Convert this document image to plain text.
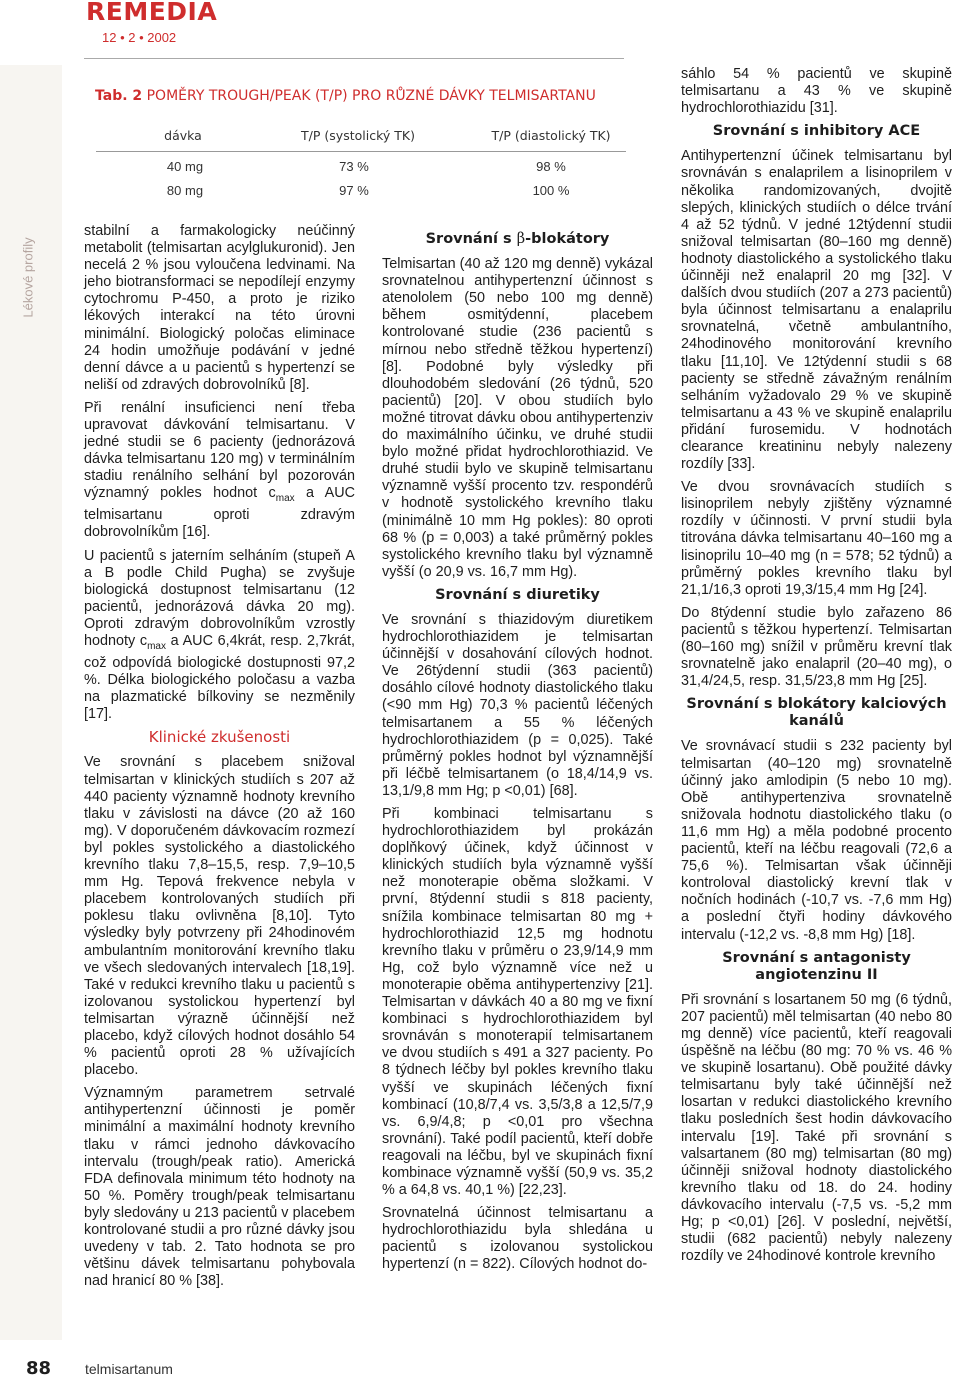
REMEDIA
12 • 2 • 2002
Lékové profily
Tab. 2 POMĚRY TROUGH/PEAK (T/P) PRO RŮZNÉ DÁVKY TELMISARTANU
dávka	T/P (systolický TK)	T/P (diastolický TK)
40 mg	73 %	98 %
80 mg	97 %	100 %

stabilní a farmakologicky neúčinný metabolit (telmisartan acylglukuronid). Jen necelá 2 % jsou vyloučena ledvinami. Na jeho biotransformaci se nepodílejí enzymy cytochromu P-450, a proto je riziko lékových interakcí na této úrovni minimální. Biologický poločas eliminace 24 hodin umožňuje podávání v jedné denní dávce a u pacientů s hypertenzí se neliší od zdravých dobrovolníků [8].

Při renální insuficienci není třeba upravovat dávkování telmisartanu. V jedné studii se 6 pacienty (jednorázová dávka telmisartanu 120 mg) v terminálním stadiu renálního selhání byl pozorován významný pokles hodnot $c_{max}$ a AUC telmisartanu oproti zdravým dobrovolníkům [16].

U pacientů s jaterním selháním (stupeň A a B podle Child Pugha) se zvyšuje biologická dostupnost telmisartanu (12 pacientů, jednorázová dávka 20 mg). Oproti zdravým dobrovolníkům vzrostly hodnoty $c_{max}$ a AUC 6,4krát, resp. 2,7krát, což odpovídá biologické dostupnosti 97,2 %. Délka biologického poločasu a vazba na plazmatické bílkoviny se nezměnily [17].

Klinické zkušenosti

Ve srovnání s placebem snižoval telmisartan v klinických studiích s 207 až 440 pacienty významně hodnoty krevního tlaku v závislosti na dávce (20 až 160 mg). V doporučeném dávkovacím rozmezí byl pokles systolického a diastolického krevního tlaku 7,8–15,5, resp. 7,9–10,5 mm Hg. Tepová frekvence nebyla v placebem kontrolovaných studiích při poklesu tlaku ovlivněna [8,10]. Tyto výsledky byly potvrzeny při 24hodinovém ambulantním monitorování krevního tlaku ve všech sledovaných intervalech [18,19]. Také v redukci krevního tlaku u pacientů s izolovanou systolickou hypertenzí byl telmisartan výrazně účinnější než placebo, když cílových hodnot dosáhlo 54 % pacientů oproti 28 % užívajících placebo.

Významným parametrem setrvalé antihypertenzní účinnosti je poměr minimální a maximální hodnoty krevního tlaku v rámci jednoho dávkovacího intervalu (trough/peak ratio). Americká FDA definovala minimum této hodnoty na 50 %. Poměry trough/peak telmisartanu byly sledovány u 213 pacientů v placebem kontrolované studii a pro různé dávky jsou uvedeny v tab. 2. Tato hodnota se pro většinu dávek telmisartanu pohybovala nad hranicí 80 % [38].

Srovnání s β-blokátory

Telmisartan (40 až 120 mg denně) vykázal srovnatelnou antihypertenzní účinnost s atenololem (50 nebo 100 mg denně) během osmitýdenní, placebem kontrolované studie (236 pacientů s mírnou nebo středně těžkou hypertenzí) [8]. Podobné byly výsledky při dlouhodobém sledování (26 týdnů, 520 pacientů) [20]. V obou studiích bylo možné titrovat dávku obou antihypertenziv do maximálního účinku, ve druhé studii bylo možné přidat hydrochlorothiazid. Ve druhé studii bylo ve skupině telmisartanu významně vyšší procento tzv. respondérů v hodnotě systolického krevního tlaku (minimálně 10 mm Hg pokles): 80 oproti 68 % (p = 0,003) a také průměrný pokles systolického krevního tlaku byl významně vyšší (o 20,9 vs. 16,7 mm Hg).

Srovnání s diuretiky

Ve srovnání s thiazidovým diuretikem hydrochlorothiazidem je telmisartan účinnější v dosahování cílových hodnot. Ve 26týdenní studii (363 pacientů) dosáhlo cílové hodnoty diastolického tlaku (<90 mm Hg) 70,3 % pacientů léčených telmisartanem a 55 % léčených hydrochlorothiazidem (p = 0,025). Také průměrný pokles hodnot byl významnější při léčbě telmisartanem (o 18,4/14,9 vs. 13,1/9,8 mm Hg; p <0,01) [68].

Při kombinaci telmisartanu s hydrochlorothiazidem byl prokázán doplňkový účinek, když účinnost v klinických studiích byla významně vyšší než monoterapie oběma složkami. V první, 8týdenní studii s 818 pacienty, snížila kombinace telmisartan 80 mg + hydrochlorothiazid 12,5 mg hodnotu krevního tlaku v průměru o 23,9/14,9 mm Hg, což bylo významně více než u monoterapie oběma antihypertenzivy [21]. Telmisartan v dávkách 40 a 80 mg ve fixní kombinaci s hydrochlorothiazidem byl srovnáván s monoterapií telmisartanem ve dvou studiích s 491 a 327 pacienty. Po 8 týdnech léčby byl pokles krevního tlaku vyšší ve skupinách léčených fixní kombinací (10,8/7,4 vs. 3,5/3,8 a 12,5/7,9 vs. 6,9/4,8; p <0,01 pro všechna srovnání). Také podíl pacientů, kteří dobře reagovali na léčbu, byl ve skupinách fixní kombinace významně vyšší (50,9 vs. 35,2 % a 64,8 vs. 40,1 %) [22,23].

Srovnatelná účinnost telmisartanu a hydrochlorothiazidu byla shledána u pacientů s izolovanou systolickou hypertenzí (n = 822). Cílových hodnot do-

sáhlo 54 % pacientů ve skupině telmisartanu a 43 % ve skupině hydrochlorothiazidu [31].

Srovnání s inhibitory ACE

Antihypertenzní účinek telmisartanu byl srovnáván s enalaprilem a lisinoprilem v několika randomizovaných, dvojitě slepých, klinických studiích o délce trvání 4 až 52 týdnů. V jedné 12týdenní studii snižoval telmisartan (80–160 mg denně) hodnoty diastolického a systolického tlaku účinněji než enalapril 20 mg [32]. V dalších dvou studiích (207 a 273 pacientů) byla účinnost telmisartanu a enalaprilu srovnatelná, včetně ambulantního, 24hodinového monitorování krevního tlaku [11,10]. Ve 12týdenní studii s 68 pacienty se středně závažným renálním selháním vyžadovalo 29 % ve skupině telmisartanu a 43 % ve skupině enalaprilu přidání furosemidu. V hodnotách clearance kreatininu nebyly nalezeny rozdíly [33].

Ve dvou srovnávacích studiích s lisinoprilem nebyly zjištěny významné rozdíly v účinnosti. V první studii byla titrována dávka telmisartanu 40–160 mg a lisinoprilu 10–40 mg (n = 578; 52 týdnů) a průměrný pokles krevního tlaku byl 21,1/16,3 oproti 19,3/15,4 mm Hg [24].

Do 8týdenní studie bylo zařazeno 86 pacientů s těžkou hypertenzí. Telmisartan (80–160 mg) snížil v průměru krevní tlak srovnatelně jako enalapril (20–40 mg), o 31,4/24,5, resp. 31,5/23,8 mm Hg [25].

Srovnání s blokátory kalciových kanálů

Ve srovnávací studii s 232 pacienty byl telmisartan (40–120 mg) srovnatelně účinný jako amlodipin (5 nebo 10 mg). Obě antihypertenziva srovnatelně snižovala hodnotu diastolického tlaku (o 11,6 mm Hg) a měla podobné procento pacientů, kteří na léčbu reagovali (72,6 a 75,6 %). Telmisartan však účinněji kontroloval diastolický krevní tlak v nočních hodinách (-10,7 vs. -7,6 mm Hg) a poslední čtyři hodiny dávkového intervalu (-12,2 vs. -8,8 mm Hg) [18].

Srovnání s antagonisty angiotenzinu II

Při srovnání s losartanem 50 mg (6 týdnů, 207 pacientů) měl telmisartan (40 nebo 80 mg denně) více pacientů, kteří reagovali úspěšně na léčbu (80 mg: 70 % vs. 46 % ve skupině losartanu). Obě použité dávky telmisartanu byly také účinnější než losartan v redukci diastolického krevního tlaku posledních šest hodin dávkovacího intervalu [19]. Také při srovnání s valsartanem (80 mg) telmisartan (80 mg) účinněji snižoval hodnoty diastolického krevního tlaku od 18. do 24. hodiny dávkovacího intervalu (-7,5 vs. -5,2 mm Hg; p <0,01) [26]. V poslední, největší, studii (682 pacientů) nebyly nalezeny rozdíly ve 24hodinové kontrole krevního

88 telmisartanum
